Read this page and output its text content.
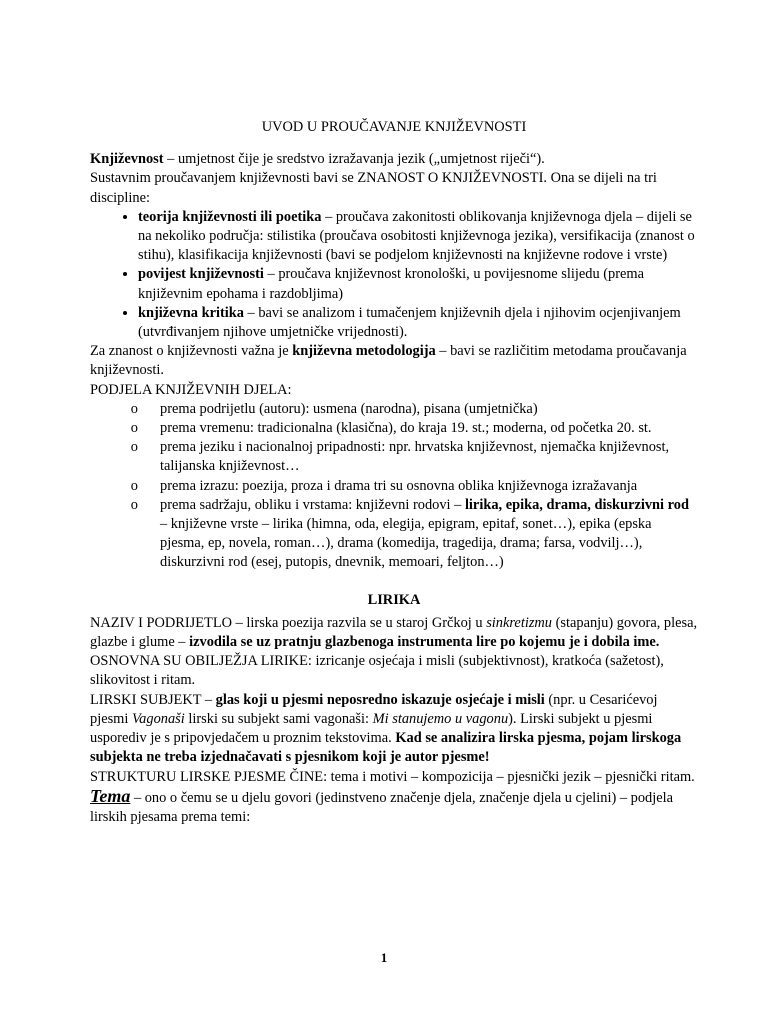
UVOD U PROUČAVANJE KNJIŽEVNOSTI

Književnost – umjetnost čije je sredstvo izražavanja jezik („umjetnost riječi“).

Sustavnim proučavanjem književnosti bavi se ZNANOST O KNJIŽEVNOSTI. Ona se dijeli na tri discipline:

• teorija književnosti ili poetika – proučava zakonitosti oblikovanja književnoga djela – dijeli se na nekoliko područja: stilistika (proučava osobitosti književnoga jezika), versifikacija (znanost o stihu), klasifikacija književnosti (bavi se podjelom književnosti na književne rodove i vrste)
• povijest književnosti – proučava književnost kronološki, u povijesnome slijedu (prema književnim epohama i razdobljima)
• književna kritika – bavi se analizom i tumačenjem književnih djela i njihovim ocjenjivanjem (utvrđivanjem njihove umjetničke vrijednosti).

Za znanost o književnosti važna je književna metodologija – bavi se različitim metodama proučavanja književnosti.

PODJELA KNJIŽEVNIH DJELA:

o prema podrijetlu (autoru): usmena (narodna), pisana (umjetnička)
o prema vremenu: tradicionalna (klasična), do kraja 19. st.; moderna, od početka 20. st.
o prema jeziku i nacionalnoj pripadnosti: npr. hrvatska književnost, njemačka književnost, talijanska književnost…
o prema izrazu: poezija, proza i drama tri su osnovna oblika književnoga izražavanja
o prema sadržaju, obliku i vrstama: književni rodovi – lirika, epika, drama, diskurzivni rod – književne vrste – lirika (himna, oda, elegija, epigram, epitaf, sonet…), epika (epska pjesma, ep, novela, roman…), drama (komedija, tragedija, drama; farsa, vodvilj…), diskurzivni rod (esej, putopis, dnevnik, memoari, feljton…)
LIRIKA

NAZIV I PODRIJETLO – lirska poezija razvila se u staroj Grčkoj u sinkretizmu (stapanju) govora, plesa, glazbe i glume – izvodila se uz pratnju glazbenoga instrumenta lire po kojemu je i dobila ime.

OSNOVNA SU OBILJEŽJA LIRIKE: izricanje osjećaja i misli (subjektivnost), kratkoća (sažetost), slikovitost i ritam.

LIRSKI SUBJEKT – glas koji u pjesmi neposredno iskazuje osjećaje i misli (npr. u Cesarićevoj pjesmi Vagonaši lirski su subjekt sami vagonaši: Mi stanujemo u vagonu). Lirski subjekt u pjesmi usporediv je s pripovjedačem u proznim tekstovima. Kad se analizira lirska pjesma, pojam lirskoga subjekta ne treba izjednačavati s pjesnikom koji je autor pjesme!

STRUKTURU LIRSKE PJESME ČINE: tema i motivi – kompozicija – pjesnički jezik – pjesnički ritam.

Tema – ono o čemu se u djelu govori (jedinstveno značenje djela, značenje djela u cjelini) – podjela lirskih pjesama prema temi:

1
